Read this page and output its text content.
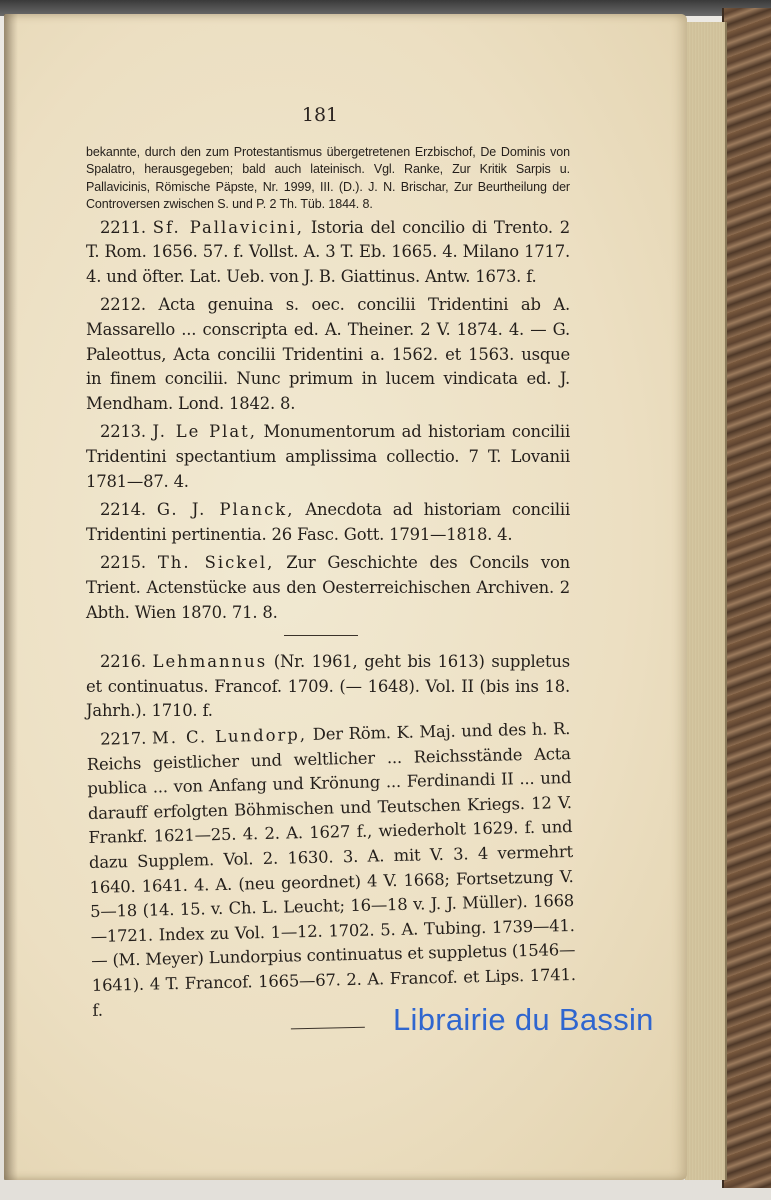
181

bekannte, durch den zum Protestantismus übergetretenen Erzbischof, De Dominis von Spalatro, herausgegeben; bald auch lateinisch. Vgl. Ranke, Zur Kritik Sarpis u. Pallavicinis, Römische Päpste, Nr. 1999, III. (D.). J. N. Brischar, Zur Beurtheilung der Controversen zwischen S. und P. 2 Th. Tüb. 1844. 8.

2211. Sf. Pallavicini, Istoria del concilio di Trento. 2 T. Rom. 1656. 57. f. Vollst. A. 3 T. Eb. 1665. 4. Milano 1717. 4. und öfter. Lat. Ueb. von J. B. Giattinus. Antw. 1673. f.

2212. Acta genuina s. oec. concilii Tridentini ab A. Massarello ... conscripta ed. A. Theiner. 2 V. 1874. 4. — G. Paleottus, Acta concilii Tridentini a. 1562. et 1563. usque in finem concilii. Nunc primum in lucem vindicata ed. J. Mendham. Lond. 1842. 8.

2213. J. Le Plat, Monumentorum ad historiam concilii Tridentini spectantium amplissima collectio. 7 T. Lovanii 1781—87. 4.

2214. G. J. Planck, Anecdota ad historiam concilii Tridentini pertinentia. 26 Fasc. Gott. 1791—1818. 4.

2215. Th. Sickel, Zur Geschichte des Concils von Trient. Actenstücke aus den Oesterreichischen Archiven. 2 Abth. Wien 1870. 71. 8.

2216. Lehmannus (Nr. 1961, geht bis 1613) suppletus et continuatus. Francof. 1709. (— 1648). Vol. II (bis ins 18. Jahrh.). 1710. f.

2217. M. C. Lundorp, Der Röm. K. Maj. und des h. R. Reichs geistlicher und weltlicher ... Reichsstände Acta publica ... von Anfang und Krönung ... Ferdinandi II ... und darauff erfolgten Böhmischen und Teutschen Kriegs. 12 V. Frankf. 1621—25. 4. 2. A. 1627 f., wiederholt 1629. f. und dazu Supplem. Vol. 2. 1630. 3. A. mit V. 3. 4 vermehrt 1640. 1641. 4. A. (neu geordnet) 4 V. 1668; Fortsetzung V. 5—18 (14. 15. v. Ch. L. Leucht; 16—18 v. J. J. Müller). 1668—1721. Index zu Vol. 1—12. 1702. 5. A. Tubing. 1739—41. — (M. Meyer) Lundorpius continuatus et suppletus (1546—1641). 4 T. Francof. 1665—67. 2. A. Francof. et Lips. 1741. f.	Librairie du Bassin
